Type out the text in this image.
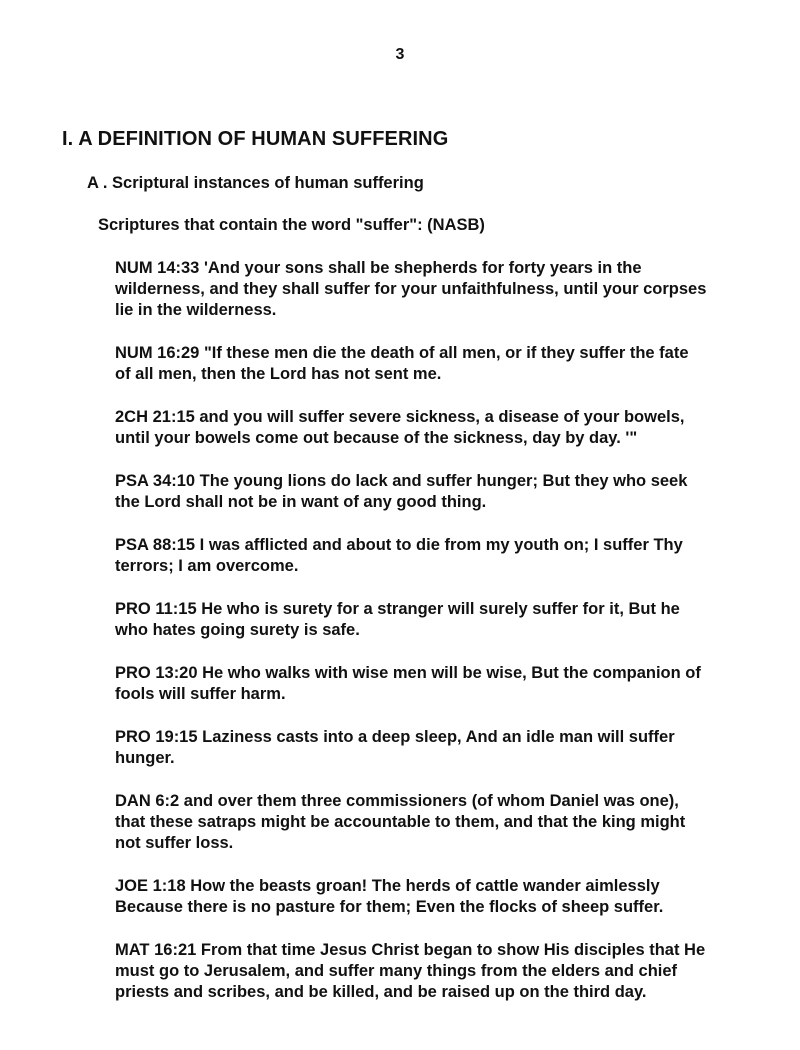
3
I. A DEFINITION OF HUMAN SUFFERING
A . Scriptural instances of human suffering
Scriptures that contain the word "suffer": (NASB)

NUM 14:33 'And your sons shall be shepherds for forty years in the
wilderness, and they shall suffer for your unfaithfulness, until your corpses
lie in the wilderness.

NUM 16:29 "If these men die the death of all men, or if they suffer the fate
of all men, then the Lord has not sent me.

2CH 21:15 and you will suffer severe sickness, a disease of your bowels,
until your bowels come out because of the sickness, day by day. '"

PSA 34:10 The young lions do lack and suffer hunger; But they who seek
the Lord shall not be in want of any good thing.

PSA 88:15 I was afflicted and about to die from my youth on; I suffer Thy
terrors; I am overcome.

PRO 11:15 He who is surety for a stranger will surely suffer for it, But he
who hates going surety is safe.

PRO 13:20 He who walks with wise men will be wise, But the companion of
fools will suffer harm.

PRO 19:15 Laziness casts into a deep sleep, And an idle man will suffer
hunger.

DAN 6:2 and over them three commissioners (of whom Daniel was one),
that these satraps might be accountable to them, and that the king might
not suffer loss.

JOE 1:18 How the beasts groan! The herds of cattle wander aimlessly
Because there is no pasture for them; Even the flocks of sheep suffer.

MAT 16:21 From that time Jesus Christ began to show His disciples that He
must go to Jerusalem, and suffer many things from the elders and chief
priests and scribes, and be killed, and be raised up on the third day.
